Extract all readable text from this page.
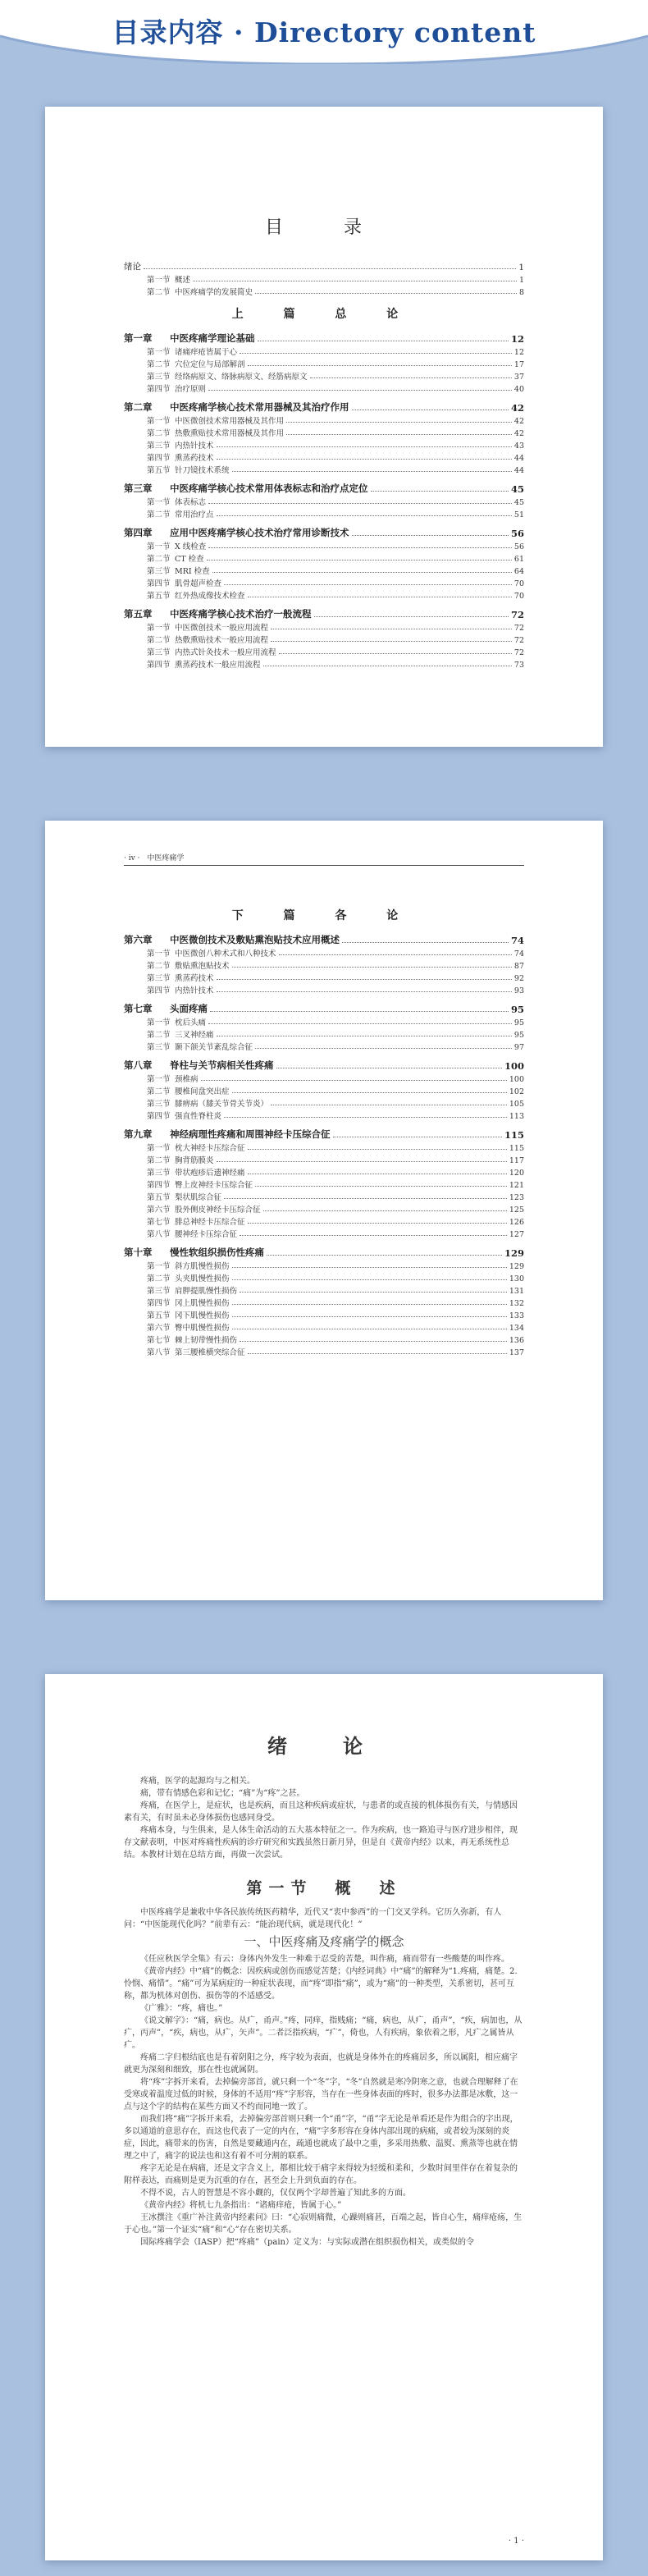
目录内容 · Directory content
目　录
绪论	1
第一节 概述	1
第二节 中医疼痛学的发展简史	8
上 篇 总 论
第一章 中医疼痛学理论基础	12
第一节 诸痛痒疮皆属于心	12
第二节 穴位定位与局部解剖	17
第三节 经络病原文、络脉病原文、经筋病原文	37
第四节 治疗原则	40
第二章 中医疼痛学核心技术常用器械及其治疗作用	42
第一节 中医微创技术常用器械及其作用	42
第二节 热敷熏贴技术常用器械及其作用	42
第三节 内热针技术	43
第四节 熏蒸药技术	44
第五节 针刀镜技术系统	44
第三章 中医疼痛学核心技术常用体表标志和治疗点定位	45
第一节 体表标志	45
第二节 常用治疗点	51
第四章 应用中医疼痛学核心技术治疗常用诊断技术	56
第一节 X 线检查	56
第二节 CT 检查	61
第三节 MRI 检查	64
第四节 肌骨超声检查	70
第五节 红外热成像技术检查	70
第五章 中医疼痛学核心技术治疗一般流程	72
第一节 中医微创技术一般应用流程	72
第二节 热敷熏贴技术一般应用流程	72
第三节 内热式针灸技术一般应用流程	72
第四节 熏蒸药技术一般应用流程	73
· iv ·　中医疼痛学
下 篇 各 论
第六章 中医微创技术及敷贴熏泡贴技术应用概述	74
第一节 中医微创八种术式和八种技术	74
第二节 敷贴熏泡贴技术	87
第三节 熏蒸药技术	92
第四节 内热针技术	93
第七章 头面疼痛	95
第一节 枕后头痛	95
第二节 三叉神经痛	95
第三节 颞下颌关节紊乱综合征	97
第八章 脊柱与关节病相关性疼痛	100
第一节 颈椎病	100
第二节 腰椎间盘突出症	102
第三节 膝痹病（膝关节骨关节炎）	105
第四节 强直性脊柱炎	113
第九章 神经病理性疼痛和周围神经卡压综合征	115
第一节 枕大神经卡压综合征	115
第二节 胸背筋膜炎	117
第三节 带状疱疹后遗神经痛	120
第四节 臀上皮神经卡压综合征	121
第五节 梨状肌综合征	123
第六节 股外侧皮神经卡压综合征	125
第七节 腓总神经卡压综合征	126
第八节 腰神经卡压综合征	127
第十章 慢性软组织损伤性疼痛	129
第一节 斜方肌慢性损伤	129
第二节 头夹肌慢性损伤	130
第三节 肩胛提肌慢性损伤	131
第四节 冈上肌慢性损伤	132
第五节 冈下肌慢性损伤	133
第六节 臀中肌慢性损伤	134
第七节 棘上韧带慢性损伤	136
第八节 第三腰椎横突综合征	137
绪　论

疼痛，医学的起源均与之相关。

痛，带有情感色彩和记忆；“痛”为“疼”之甚。

疼痛，在医学上，是症状，也是疾病，而且这种疾病或症状，与患者的或直接的机体损伤有关，与情感因素有关，有时虽未必身体损伤也感同身受。

疼痛本身，与生俱来，是人体生命活动的五大基本特征之一。作为疾病，也一路追寻与医疗进步相伴，现存文献表明，中医对疼痛性疾病的诊疗研究和实践虽然日新月异，但是自《黄帝内经》以来，再无系统性总结。本教材计划在总结方面，再做一次尝试。

第一节　概　述

中医疼痛学是兼收中华各民族传统医药精华，近代又“衷中参西”的一门交叉学科。它历久弥新，有人问：“中医能现代化吗？”前辈有云：“能治现代病，就是现代化！”

一、中医疼痛及疼痛学的概念

《任应秋医学全集》有云：身体内外发生一种难于忍受的苦楚，叫作痛，痛而带有一些酸楚的叫作疼。

《黄帝内经》中“痛”的概念：因疾病或创伤而感觉苦楚；《内经词典》中“痛”的解释为“1.疼痛，痛楚。2.怜悯、痛惜”。“痛”可为某病症的一种症状表现，而“疼”即指“痛”，或为“痛”的一种类型，关系密切，甚可互称，都为机体对创伤、损伤等的不适感受。

《广雅》：“疼，痛也。”

《说文解字》：“痛，病也。从疒，甬声。”疼，同痒，指贱痛；“痛，病也，从疒，甬声”，“疾，病加也，从疒，丙声”，“疾，病也，从疒，矢声”。二者泛指疾病，“疒”，倚也，人有疾病，象依着之形，凡疒之属皆从疒。

疼痛二字归根结底也是有着阴阳之分，疼字较为表面，也就是身体外在的疼痛居多，所以属阳，相应痛字就更为深刻和细致，那在性也就属阴。

将“疼”字拆开来看，去掉偏旁部首，就只剩一个“冬”字，“冬”自然就是寒冷阴寒之意，也就合理解释了在受寒或着温度过低的时候，身体的不适用“疼”字形容，当存在一些身体表面的疼时，很多办法都是冰敷，这一点与这个字的结构在某些方面又不约而同地一致了。

而我们将“痛”字拆开来看，去掉偏旁部首则只剩一个“甬”字，“甬”字无论是单看还是作为组合的字出现，多以通道的意思存在，而这也代表了一定的内在，“痛”字多形容在身体内部出现的病痛，或者较为深刻的炎症，因此，痛带来的伤害，自然是要藏通内在，疏通也就成了最中之重，多采用热敷、温熨、熏蒸等也就在情理之中了，痛字的说法也和这有着不可分割的联系。

疼字无论是在病痛，还是文字含义上，都相比较于痛字来得较为轻缓和柔和，少数时间里伴存在着复杂的附样表达，而痛则是更为沉重的存在，甚至会上升到负面的存在。

不得不说，古人的智慧是不容小觑的，仅仅两个字却普遍了知此多的方面。

《黄帝内经》将机七九条指出：“诸痛痒疮，皆属于心。”

王冰撰注《重广补注黄帝内经素问》曰：“心寂则痛微，心躁则痛甚，百端之起，皆自心生，痛痒疮疡，生于心也。”第一个证实“痛”和“心”存在密切关系。

国际疼痛学会（IASP）把“疼痛”（pain）定义为：与实际或潜在组织损伤相关，或类似的令

· 1 ·
